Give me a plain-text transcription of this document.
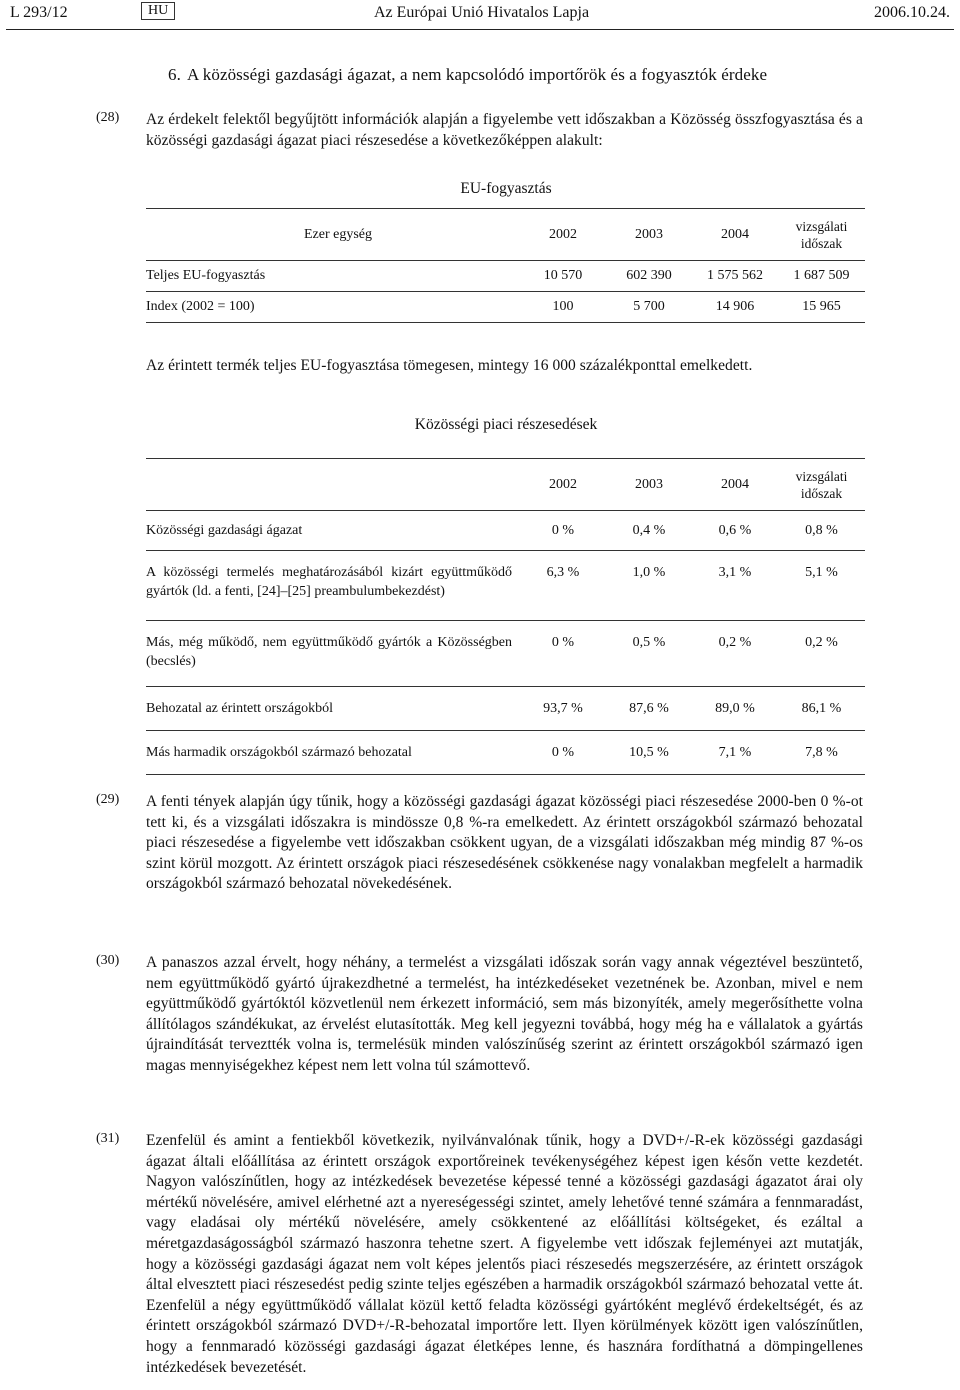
L 293/12	HU	Az Európai Unió Hivatalos Lapja	2006.10.24.
6. A közösségi gazdasági ágazat, a nem kapcsolódó importőrök és a fogyasztók érdeke
(28) Az érdekelt felektől begyűjtött információk alapján a figyelembe vett időszakban a Közösség összfogyasztása és a közösségi gazdasági ágazat piaci részesedése a következőképpen alakult:
EU-fogyasztás
Ezer egység	2002	2003	2004	vizsgálati időszak
Teljes EU-fogyasztás	10 570	602 390	1 575 562	1 687 509
Index (2002 = 100)	100	5 700	14 906	15 965
Az érintett termék teljes EU-fogyasztása tömegesen, mintegy 16 000 százalékponttal emelkedett.
Közösségi piaci részesedések
	2002	2003	2004	vizsgálati időszak
Közösségi gazdasági ágazat	0 %	0,4 %	0,6 %	0,8 %
A közösségi termelés meghatározásából kizárt együttműködő gyártók (ld. a fenti, [24]–[25] preambulumbekezdést)	6,3 %	1,0 %	3,1 %	5,1 %
Más, még működő, nem együttműködő gyártók a Közösségben (becslés)	0 %	0,5 %	0,2 %	0,2 %
Behozatal az érintett országokból	93,7 %	87,6 %	89,0 %	86,1 %
Más harmadik országokból származó behozatal	0 %	10,5 %	7,1 %	7,8 %
(29) A fenti tények alapján úgy tűnik, hogy a közösségi gazdasági ágazat közösségi piaci részesedése 2000-ben 0 %-ot tett ki, és a vizsgálati időszakra is mindössze 0,8 %-ra emelkedett. Az érintett országokból származó behozatal piaci részesedése a figyelembe vett időszakban csökkent ugyan, de a vizsgálati időszakban még mindig 87 %-os szint körül mozgott. Az érintett országok piaci részesedésének csökkenése nagy vonalakban megfelelt a harmadik országokból származó behozatal növekedésének.
(30) A panaszos azzal érvelt, hogy néhány, a termelést a vizsgálati időszak során vagy annak végeztével beszüntető, nem együttműködő gyártó újrakezdhetné a termelést, ha intézkedéseket vezetnének be. Azonban, mivel e nem együttműködő gyártóktól közvetlenül nem érkezett információ, sem más bizonyíték, amely megerősíthette volna állítólagos szándékukat, az érvelést elutasították. Meg kell jegyezni továbbá, hogy még ha e vállalatok a gyártás újraindítását terveztték volna is, termelésük minden valószínűség szerint az érintett országokból származó igen magas mennyiségekhez képest nem lett volna túl számottevő.
(31) Ezenfelül és amint a fentiekből következik, nyilvánvalónak tűnik, hogy a DVD+/-R-ek közösségi gazdasági ágazat általi előállítása az érintett országok exportőreinek tevékenységéhez képest igen későn vette kezdetét. Nagyon valószínűtlen, hogy az intézkedések bevezetése képessé tenné a közösségi gazdasági ágazatot árai oly mértékű növelésére, amivel elérhetné azt a nyereségességi szintet, amely lehetővé tenné számára a fennmaradást, vagy eladásai oly mértékű növelésére, amely csökkentené az előállítási költségeket, és ezáltal a méretgazdaságosságból származó haszonra tehetne szert. A figyelembe vett időszak fejleményei azt mutatják, hogy a közösségi gazdasági ágazat nem volt képes jelentős piaci részesedés megszerzésére, az érintett országok által elvesztett piaci részesedést pedig szinte teljes egészében a harmadik országokból származó behozatal vette át. Ezenfelül a négy együttműködő vállalat közül kettő feladta közösségi gyártóként meglévő érdekeltségét, és az érintett országokból származó DVD+/-R-behozatal importőre lett. Ilyen körülmények között igen valószínűtlen, hogy a fennmaradó közösségi gazdasági ágazat életképes lenne, és hasznára fordíthatná a dömpingellenes intézkedések bevezetését.
